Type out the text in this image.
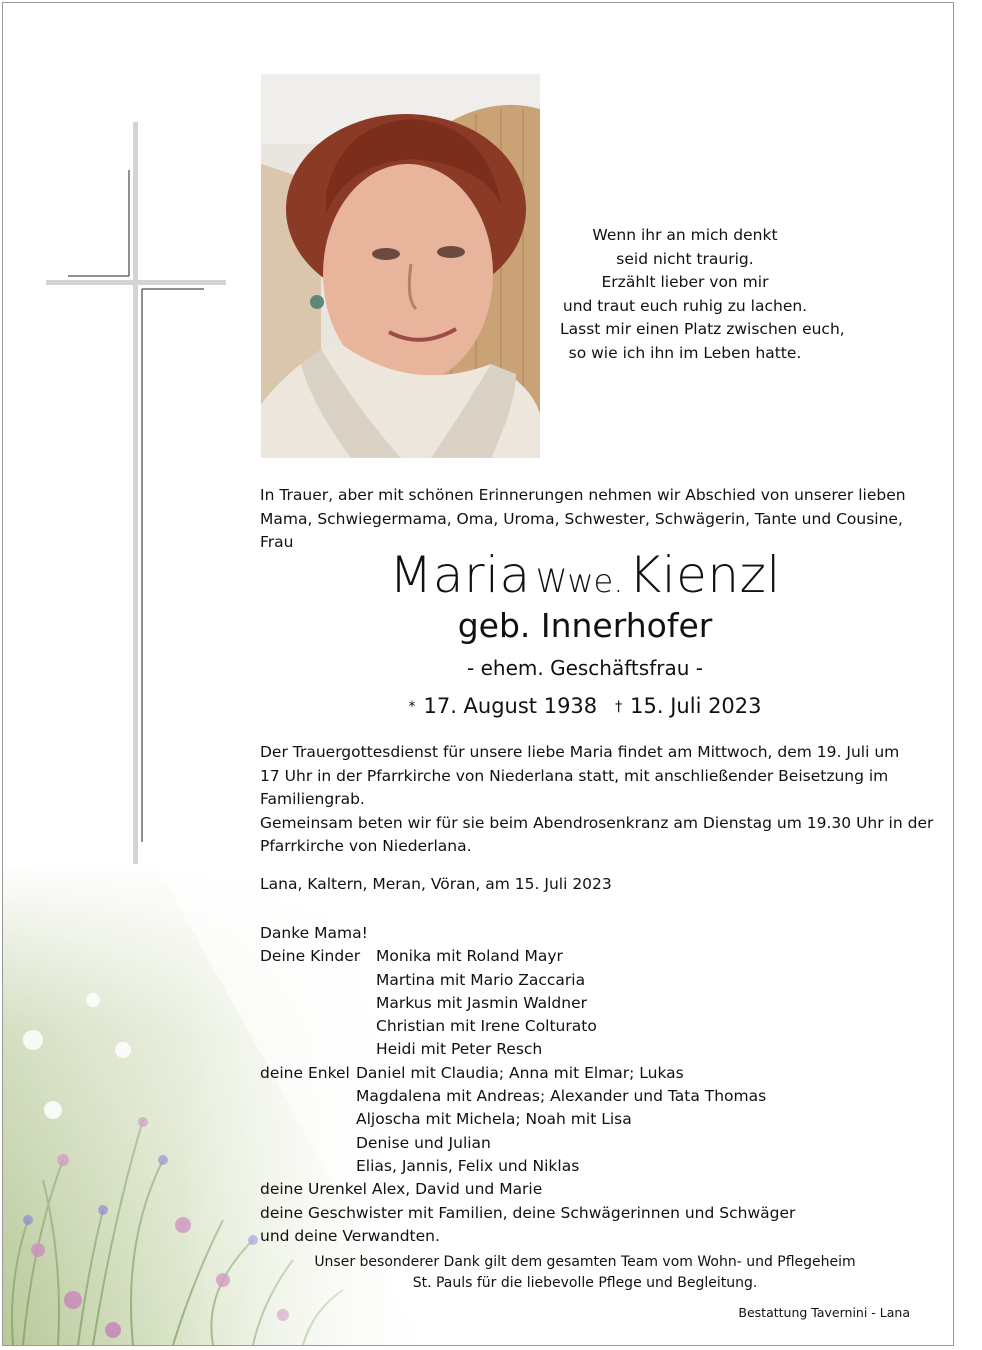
Wenn ihr an mich denkt
seid nicht traurig.
Erzählt lieber von mir
und traut euch ruhig zu lachen.
Lasst mir einen Platz zwischen euch,
so wie ich ihn im Leben hatte.
In Trauer, aber mit schönen Erinnerungen nehmen wir Abschied von unserer lieben
Mama, Schwiegermama, Oma, Uroma, Schwester, Schwägerin, Tante und Cousine,
Frau
Maria Wwe. Kienzl
geb. Innerhofer
- ehem. Geschäftsfrau -
* 17. August 1938 † 15. Juli 2023
Der Trauergottesdienst für unsere liebe Maria findet am Mittwoch, dem 19. Juli um
17 Uhr in der Pfarrkirche von Niederlana statt, mit anschließender Beisetzung im
Familiengrab.
Gemeinsam beten wir für sie beim Abendrosenkranz am Dienstag um 19.30 Uhr in der
Pfarrkirche von Niederlana.
Lana, Kaltern, Meran, Vöran, am 15. Juli 2023
Danke Mama!
Deine Kinder Monika mit Roland Mayr
Martina mit Mario Zaccaria
Markus mit Jasmin Waldner
Christian mit Irene Colturato
Heidi mit Peter Resch
deine Enkel Daniel mit Claudia; Anna mit Elmar; Lukas
Magdalena mit Andreas; Alexander und Tata Thomas
Aljoscha mit Michela; Noah mit Lisa
Denise und Julian
Elias, Jannis, Felix und Niklas
deine Urenkel Alex, David und Marie
deine Geschwister mit Familien, deine Schwägerinnen und Schwäger
und deine Verwandten.
Unser besonderer Dank gilt dem gesamten Team vom Wohn- und Pflegeheim
St. Pauls für die liebevolle Pflege und Begleitung.
Bestattung Tavernini - Lana
